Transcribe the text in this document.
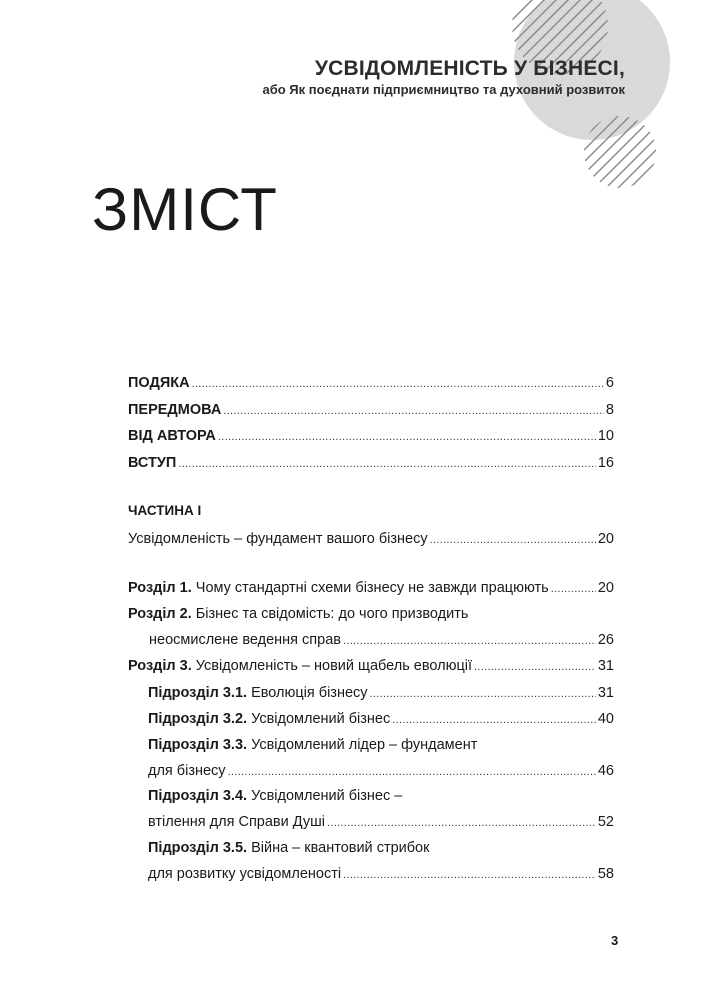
УСВІДОМЛЕНІСТЬ У БІЗНЕСІ,
або Як поєднати підприємництво та духовний розвиток
ЗМІСТ
ПОДЯКА .....	6
ПЕРЕДМОВА .....	8
ВІД АВТОРА .....	10
ВСТУП .....	16
ЧАСТИНА I
Усвідомленість – фундамент вашого бізнесу .....	20
Розділ 1. Чому стандартні схеми бізнесу не завжди працюють .....	20
Розділ 2. Бізнес та свідомість: до чого призводить
неосмислене ведення справ .....	26
Розділ 3. Усвідомленість – новий щабель еволюції .....	31
Підрозділ 3.1. Еволюція бізнесу .....	31
Підрозділ 3.2. Усвідомлений бізнес .....	40
Підрозділ 3.3. Усвідомлений лідер – фундамент
для бізнесу .....	46
Підрозділ 3.4. Усвідомлений бізнес –
втілення для Справи Душі .....	52
Підрозділ 3.5. Війна – квантовий стрибок
для розвитку усвідомленості .....	58
3
